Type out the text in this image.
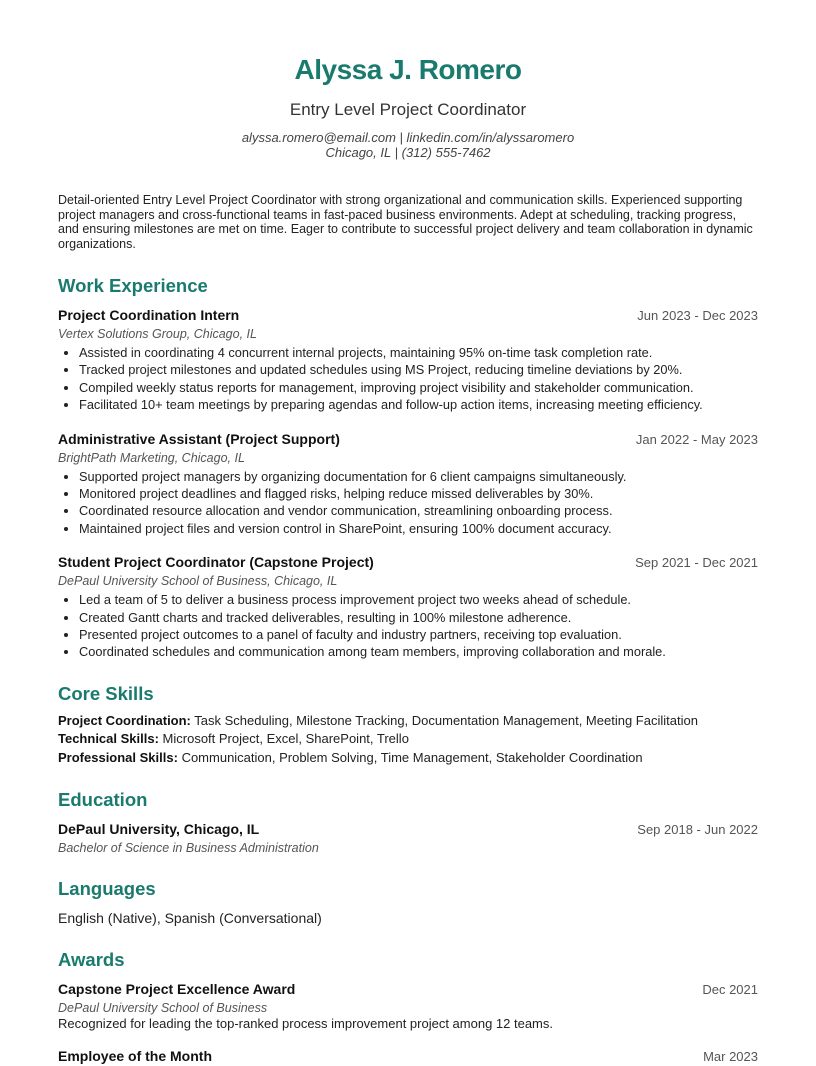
Alyssa J. Romero
Entry Level Project Coordinator
alyssa.romero@email.com | linkedin.com/in/alyssaromero
Chicago, IL | (312) 555-7462
Detail-oriented Entry Level Project Coordinator with strong organizational and communication skills. Experienced supporting project managers and cross-functional teams in fast-paced business environments. Adept at scheduling, tracking progress, and ensuring milestones are met on time. Eager to contribute to successful project delivery and team collaboration in dynamic organizations.
Work Experience
Project Coordination Intern	Jun 2023 - Dec 2023
Vertex Solutions Group, Chicago, IL
• Assisted in coordinating 4 concurrent internal projects, maintaining 95% on-time task completion rate.
• Tracked project milestones and updated schedules using MS Project, reducing timeline deviations by 20%.
• Compiled weekly status reports for management, improving project visibility and stakeholder communication.
• Facilitated 10+ team meetings by preparing agendas and follow-up action items, increasing meeting efficiency.
Administrative Assistant (Project Support)	Jan 2022 - May 2023
BrightPath Marketing, Chicago, IL
• Supported project managers by organizing documentation for 6 client campaigns simultaneously.
• Monitored project deadlines and flagged risks, helping reduce missed deliverables by 30%.
• Coordinated resource allocation and vendor communication, streamlining onboarding process.
• Maintained project files and version control in SharePoint, ensuring 100% document accuracy.
Student Project Coordinator (Capstone Project)	Sep 2021 - Dec 2021
DePaul University School of Business, Chicago, IL
• Led a team of 5 to deliver a business process improvement project two weeks ahead of schedule.
• Created Gantt charts and tracked deliverables, resulting in 100% milestone adherence.
• Presented project outcomes to a panel of faculty and industry partners, receiving top evaluation.
• Coordinated schedules and communication among team members, improving collaboration and morale.
Core Skills
Project Coordination: Task Scheduling, Milestone Tracking, Documentation Management, Meeting Facilitation
Technical Skills: Microsoft Project, Excel, SharePoint, Trello
Professional Skills: Communication, Problem Solving, Time Management, Stakeholder Coordination
Education
DePaul University, Chicago, IL	Sep 2018 - Jun 2022
Bachelor of Science in Business Administration
Languages
English (Native), Spanish (Conversational)
Awards
Capstone Project Excellence Award	Dec 2021
DePaul University School of Business
Recognized for leading the top-ranked process improvement project among 12 teams.
Employee of the Month	Mar 2023
